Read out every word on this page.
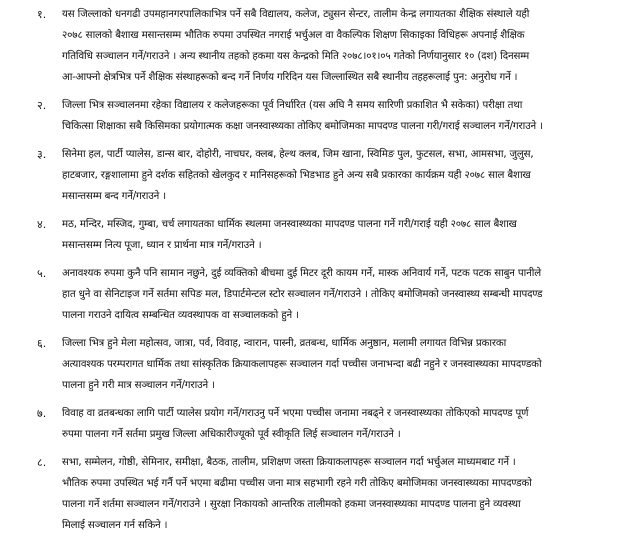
१. यस जिल्लाको धनगढी उपमहानगरपालिकाभित्र पर्ने सबै विद्यालय, कलेज, ट्युसन सेन्टर, तालीम केन्द्र लगायतका शैक्षिक संस्थाले यही
२०७८ सालको बैशाख मसान्तसम्म भौतिक रुपमा उपस्थित नगराई भर्चुअल वा वैकल्पिक शिक्षण सिकाइका विधिहरू अपनाई शैक्षिक
गतिविधि सञ्चालन गर्ने/गराउने । अन्य स्थानीय तहको हकमा यस केन्द्रको मिति २०७८।०१।०५ गतेको निर्णयानुसार १० (दश) दिनसम्म
आ-आफ्नो क्षेत्रभित्र पर्ने शैक्षिक संस्थाहरूको बन्द गर्ने निर्णय गरिदिन यस जिल्लास्थित सबै स्थानीय तहहरूलाई पुन: अनुरोध गर्ने ।
२. जिल्ला भित्र सञ्चालनमा रहेका विद्यालय र कलेजहरूका पूर्व निर्धारित (यस अघि नै समय सारिणी प्रकाशित भै सकेका) परीक्षा तथा
चिकित्सा शिक्षाका सबै किसिमका प्रयोगात्मक कक्षा जनस्वास्थ्यका तोकिए बमोजिमका मापदण्ड पालना गरी/गराई सञ्चालन गर्ने/गराउने ।
३. सिनेमा हल, पार्टी प्यालेस, डान्स बार, दोहोरी, नाचघर, क्लब, हेल्थ क्लब, जिम खाना, स्विमिङ पुल, फुटसल, सभा, आमसभा, जुलुस,
हाटबजार, रङ्गशालामा हुने दर्शक सहितको खेलकुद र मानिसहरूको भिडभाड हुने अन्य सबै प्रकारका कार्यक्रम यही २०७८ साल बैशाख
मसान्तसम्म बन्द गर्ने/गराउने ।
४. मठ, मन्दिर, मस्जिद, गुम्बा, चर्च लगायतका धार्मिक स्थलमा जनस्वास्थ्यका मापदण्ड पालना गर्ने गरी/गराई यही २०७८ साल बैशाख
मसान्तसम्म नित्य पूजा, ध्यान र प्रार्थना मात्र गर्ने/गराउने ।
५. अनावश्यक रुपमा कुनै पनि सामान नछुने, दुई व्यक्तिको बीचमा दुई मिटर दूरी कायम गर्ने, मास्क अनिवार्य गर्ने, पटक पटक साबुन पानीले
हात धुने वा सेनिटाइज गर्ने सर्तमा सपिङ मल, डिपार्टमेन्टल स्टोर सञ्चालन गर्ने/गराउने । तोकिए बमोजिमको जनस्वास्थ्य सम्बन्धी मापदण्ड
पालना गराउने दायित्व सम्बन्धित व्यवस्थापक वा सञ्चालकको हुने ।
६. जिल्ला भित्र हुने मेला महोत्सव, जात्रा, पर्व, विवाह, न्वारान, पास्नी, व्रतबन्ध, धार्मिक अनुष्ठान, मलामी लगायत विभिन्न प्रकारका
अत्यावश्यक परम्परागत धार्मिक तथा सांस्कृतिक क्रियाकलापहरू सञ्चालन गर्दा पच्चीस जनाभन्दा बढी नहुने र जनस्वास्थ्यका मापदण्डको
पालना हुने गरी मात्र सञ्चालन गर्ने/गराउने ।
७. विवाह वा व्रतबन्धका लागि पार्टी प्यालेस प्रयोग गर्ने/गराउनु पर्ने भएमा पच्चीस जनामा नबढ्ने र जनस्वास्थ्यका तोकिएको मापदण्ड पूर्ण
रुपमा पालना गर्ने सर्तमा प्रमुख जिल्ला अधिकारीज्यूको पूर्व स्वीकृति लिई सञ्चालन गर्ने/गराउने ।
८. सभा, सम्मेलन, गोष्ठी, सेमिनार, समीक्षा, बैठक, तालीम, प्रशिक्षण जस्ता क्रियाकलापहरू सञ्चालन गर्दा भर्चुअल माध्यमबाट गर्ने ।
भौतिक रुपमा उपस्थित भई गर्नै पर्ने भएमा बढीमा पच्चीस जना मात्र सहभागी रहने गरी तोकिए बमोजिमका जनस्वास्थ्यका मापदण्डको
पालना गर्ने शर्तमा सञ्चालन गर्ने/गराउने । सुरक्षा निकायको आन्तरिक तालीमको हकमा जनस्वास्थ्यका मापदण्ड पालना हुने व्यवस्था
मिलाई सञ्चालन गर्न सकिने ।
